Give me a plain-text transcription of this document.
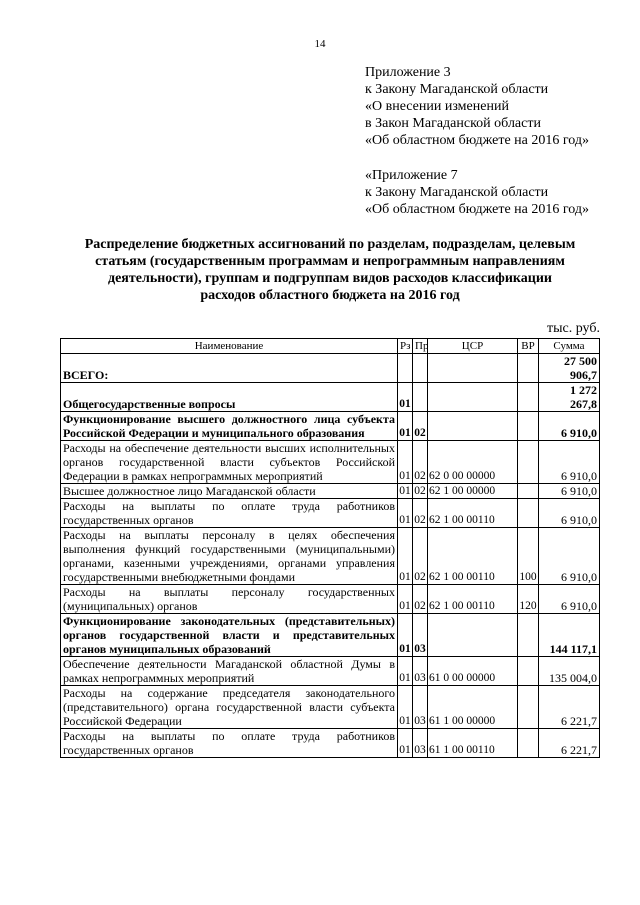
14
Приложение 3
к Закону Магаданской области
«О внесении изменений
в Закон Магаданской области
«Об областном бюджете на 2016 год»
«Приложение 7
к Закону Магаданской области
«Об областном бюджете на 2016 год»
Распределение бюджетных ассигнований по разделам, подразделам, целевым статьям (государственным программам и непрограммным направлениям деятельности), группам и подгруппам видов расходов классификации расходов областного бюджета на 2016 год
тыс. руб.
Наименование	Рз	Пр	ЦСР	ВР	Сумма
ВСЕГО:					27 500 906,7
Общегосударственные вопросы	01				1 272 267,8
Функционирование высшего должностного лица субъекта Российской Федерации и муниципального образования	01	02			6 910,0
Расходы на обеспечение деятельности высших исполнительных органов государственной власти субъектов Российской Федерации в рамках непрограммных мероприятий	01	02	62 0 00 00000		6 910,0
Высшее должностное лицо Магаданской области	01	02	62 1 00 00000		6 910,0
Расходы на выплаты по оплате труда работников государственных органов	01	02	62 1 00 00110		6 910,0
Расходы на выплаты персоналу в целях обеспечения выполнения функций государственными (муниципальными) органами, казенными учреждениями, органами управления государственными внебюджетными фондами	01	02	62 1 00 00110	100	6 910,0
Расходы на выплаты персоналу государственных (муниципальных) органов	01	02	62 1 00 00110	120	6 910,0
Функционирование законодательных (представительных) органов государственной власти и представительных органов муниципальных образований	01	03			144 117,1
Обеспечение деятельности Магаданской областной Думы в рамках непрограммных мероприятий	01	03	61 0 00 00000		135 004,0
Расходы на содержание председателя законодательного (представительного) органа государственной власти субъекта Российской Федерации	01	03	61 1 00 00000		6 221,7
Расходы на выплаты по оплате труда работников государственных органов	01	03	61 1 00 00110		6 221,7
